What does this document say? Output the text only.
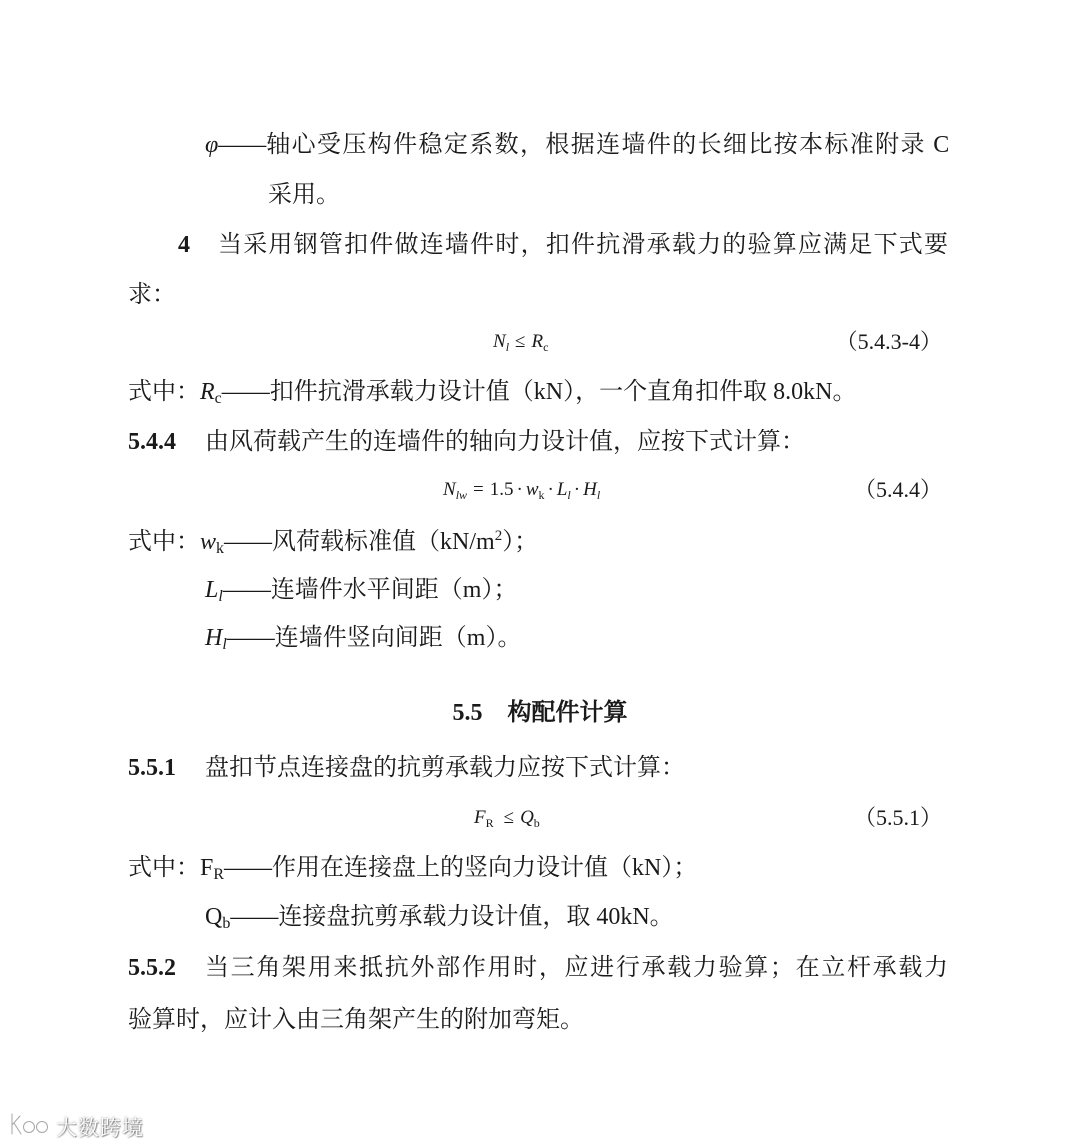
φ——轴心受压构件稳定系数，根据连墙件的长细比按本标准附录 C
采用。
4 当采用钢管扣件做连墙件时，扣件抗滑承载力的验算应满足下式要
求：
$N_l \le R_c$	（5.4.3-4）
式中：$R_c——$扣件抗滑承载力设计值（kN），一个直角扣件取 8.0kN。
5.4.4 由风荷载产生的连墙件的轴向力设计值，应按下式计算：
$N_{lw} = 1.5 \cdot w_k \cdot L_l \cdot H_l$	（5.4.4）
式中：$w_k——$风荷载标准值$(kN/m^2)$；
$L_l——$连墙件水平间距（m）；
$H_l——$连墙件竖向间距（m）。
5.5 构配件计算
5.5.1 盘扣节点连接盘的抗剪承载力应按下式计算：
$F_R \le Q_b$	（5.5.1）
式中：$F_R——$作用在连接盘上的竖向力设计值（kN）；
$Q_b——$连接盘抗剪承载力设计值，取 40kN。
5.5.2 当三角架用来抵抗外部作用时，应进行承载力验算；在立杆承载力
验算时，应计入由三角架产生的附加弯矩。
大数跨境
